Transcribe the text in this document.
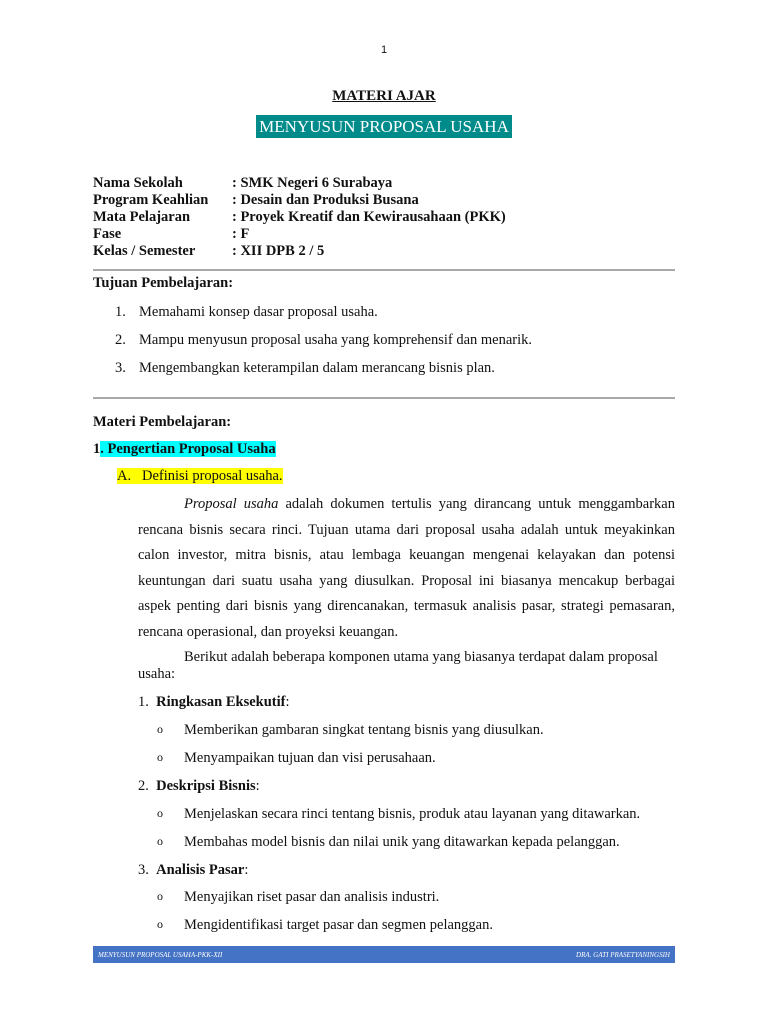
1
MATERI AJAR
MENYUSUN PROPOSAL USAHA
Nama Sekolah	: SMK Negeri 6 Surabaya
Program Keahlian	: Desain dan Produksi Busana
Mata Pelajaran	: Proyek Kreatif dan Kewirausahaan (PKK)
Fase	: F
Kelas / Semester	: XII DPB 2 / 5
Tujuan Pembelajaran:
1. Memahami konsep dasar proposal usaha.
2. Mampu menyusun proposal usaha yang komprehensif dan menarik.
3. Mengembangkan keterampilan dalam merancang bisnis plan.
Materi Pembelajaran:
1. Pengertian Proposal Usaha
A. Definisi proposal usaha.
Proposal usaha adalah dokumen tertulis yang dirancang untuk menggambarkan rencana bisnis secara rinci. Tujuan utama dari proposal usaha adalah untuk meyakinkan calon investor, mitra bisnis, atau lembaga keuangan mengenai kelayakan dan potensi keuntungan dari suatu usaha yang diusulkan. Proposal ini biasanya mencakup berbagai aspek penting dari bisnis yang direncanakan, termasuk analisis pasar, strategi pemasaran, rencana operasional, dan proyeksi keuangan.
Berikut adalah beberapa komponen utama yang biasanya terdapat dalam proposal usaha:
1. Ringkasan Eksekutif:
o	Memberikan gambaran singkat tentang bisnis yang diusulkan.
o	Menyampaikan tujuan dan visi perusahaan.
2. Deskripsi Bisnis:
o	Menjelaskan secara rinci tentang bisnis, produk atau layanan yang ditawarkan.
o	Membahas model bisnis dan nilai unik yang ditawarkan kepada pelanggan.
3. Analisis Pasar:
o	Menyajikan riset pasar dan analisis industri.
o	Mengidentifikasi target pasar dan segmen pelanggan.
MENYUSUN PROPOSAL USAHA-PKK-XII	DRA. GATI PRASETYANINGSIH
